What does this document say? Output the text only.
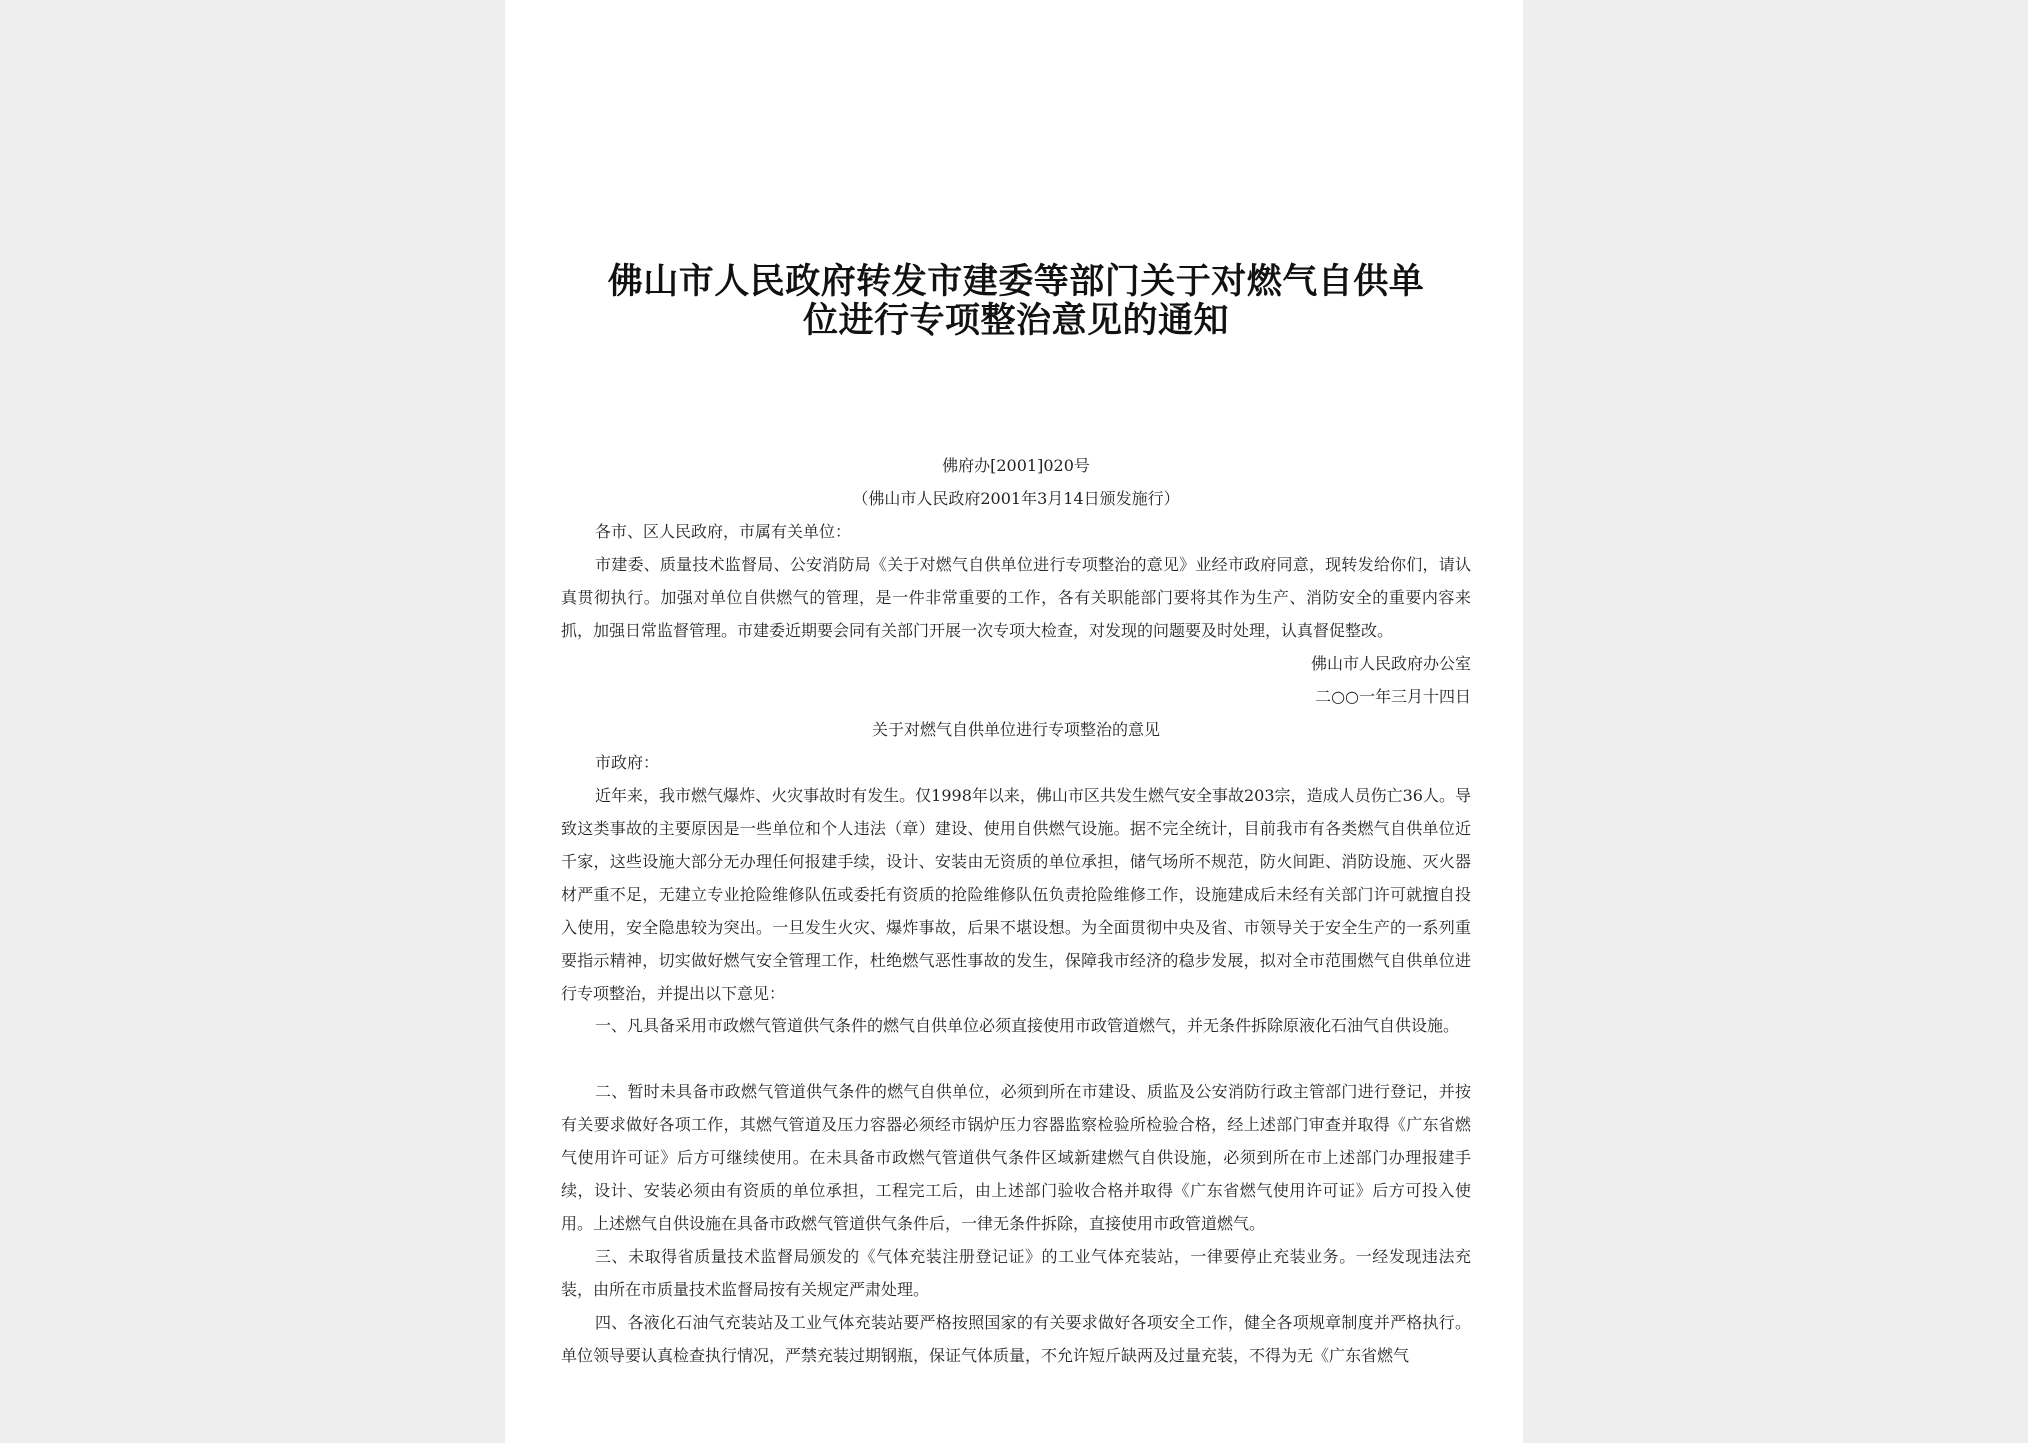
佛山市人民政府转发市建委等部门关于对燃气自供单
位进行专项整治意见的通知
佛府办[2001]020号
（佛山市人民政府2001年3月14日颁发施行）
各市、区人民政府，市属有关单位：
市建委、质量技术监督局、公安消防局《关于对燃气自供单位进行专项整治的意见》业经市政府同意，现转发给你们，请认真贯彻执行。加强对单位自供燃气的管理，是一件非常重要的工作，各有关职能部门要将其作为生产、消防安全的重要内容来抓，加强日常监督管理。市建委近期要会同有关部门开展一次专项大检查，对发现的问题要及时处理，认真督促整改。
佛山市人民政府办公室
二○○一年三月十四日
关于对燃气自供单位进行专项整治的意见
市政府：
近年来，我市燃气爆炸、火灾事故时有发生。仅1998年以来，佛山市区共发生燃气安全事故203宗，造成人员伤亡36人。导致这类事故的主要原因是一些单位和个人违法（章）建设、使用自供燃气设施。据不完全统计，目前我市有各类燃气自供单位近千家，这些设施大部分无办理任何报建手续，设计、安装由无资质的单位承担，储气场所不规范，防火间距、消防设施、灭火器材严重不足，无建立专业抢险维修队伍或委托有资质的抢险维修队伍负责抢险维修工作，设施建成后未经有关部门许可就擅自投入使用，安全隐患较为突出。一旦发生火灾、爆炸事故，后果不堪设想。为全面贯彻中央及省、市领导关于安全生产的一系列重要指示精神，切实做好燃气安全管理工作，杜绝燃气恶性事故的发生，保障我市经济的稳步发展，拟对全市范围燃气自供单位进行专项整治，并提出以下意见：
一、凡具备采用市政燃气管道供气条件的燃气自供单位必须直接使用市政管道燃气，并无条件拆除原液化石油气自供设施。
二、暂时未具备市政燃气管道供气条件的燃气自供单位，必须到所在市建设、质监及公安消防行政主管部门进行登记，并按有关要求做好各项工作，其燃气管道及压力容器必须经市锅炉压力容器监察检验所检验合格，经上述部门审查并取得《广东省燃气使用许可证》后方可继续使用。在未具备市政燃气管道供气条件区域新建燃气自供设施，必须到所在市上述部门办理报建手续，设计、安装必须由有资质的单位承担，工程完工后，由上述部门验收合格并取得《广东省燃气使用许可证》后方可投入使用。上述燃气自供设施在具备市政燃气管道供气条件后，一律无条件拆除，直接使用市政管道燃气。
三、未取得省质量技术监督局颁发的《气体充装注册登记证》的工业气体充装站，一律要停止充装业务。一经发现违法充装，由所在市质量技术监督局按有关规定严肃处理。
四、各液化石油气充装站及工业气体充装站要严格按照国家的有关要求做好各项安全工作，健全各项规章制度并严格执行。单位领导要认真检查执行情况，严禁充装过期钢瓶，保证气体质量，不允许短斤缺两及过量充装，不得为无《广东省燃气
